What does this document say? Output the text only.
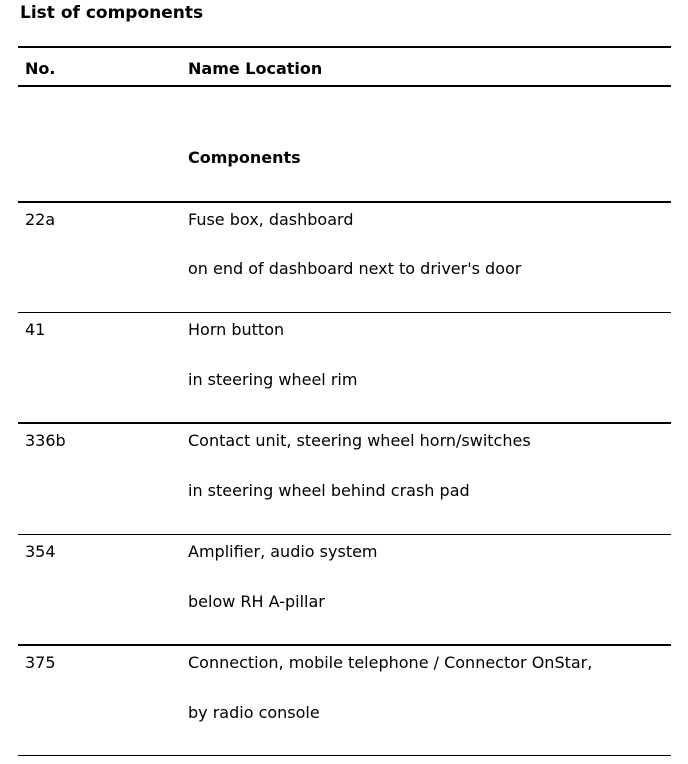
List of components
No.	Name Location
Components
22a	Fuse box, dashboard
on end of dashboard next to driver's door
41	Horn button
in steering wheel rim
336b	Contact unit, steering wheel horn/switches
in steering wheel behind crash pad
354	Amplifier, audio system
below RH A-pillar
375	Connection, mobile telephone / Connector OnStar,
by radio console
